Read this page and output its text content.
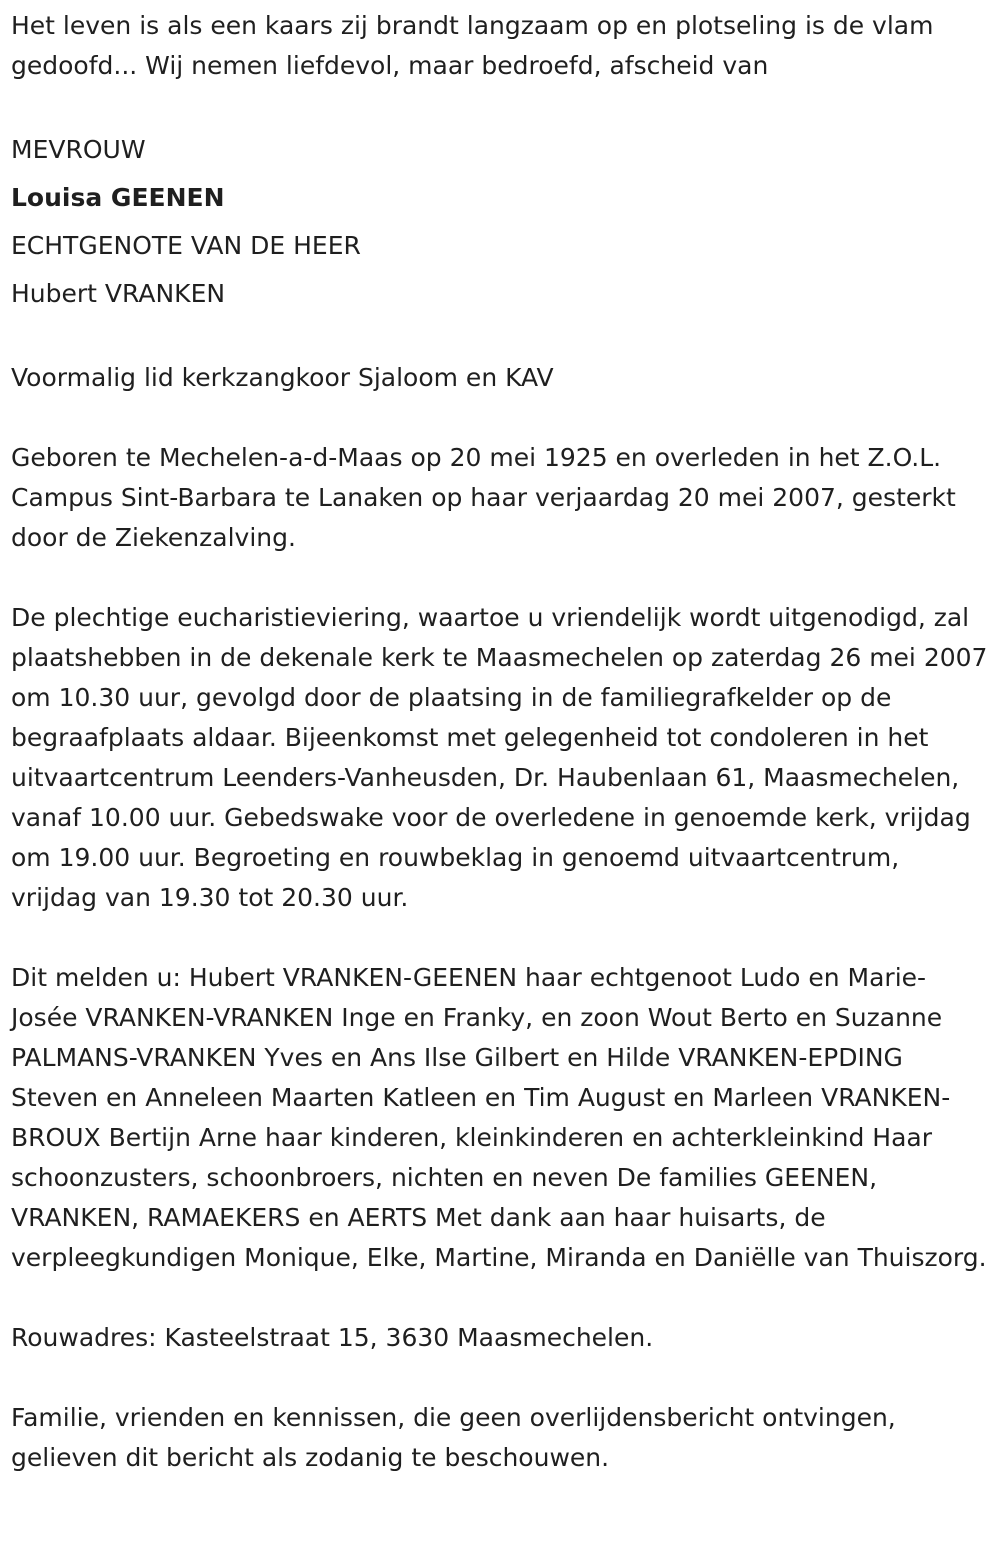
Het leven is als een kaars zij brandt langzaam op en plotseling is de vlam gedoofd... Wij nemen liefdevol, maar bedroefd, afscheid van

MEVROUW

Louisa GEENEN

ECHTGENOTE VAN DE HEER

Hubert VRANKEN

Voormalig lid kerkzangkoor Sjaloom en KAV

Geboren te Mechelen-a-d-Maas op 20 mei 1925 en overleden in het Z.O.L. Campus Sint-Barbara te Lanaken op haar verjaardag 20 mei 2007, gesterkt door de Ziekenzalving.

De plechtige eucharistieviering, waartoe u vriendelijk wordt uitgenodigd, zal plaatshebben in de dekenale kerk te Maasmechelen op zaterdag 26 mei 2007 om 10.30 uur, gevolgd door de plaatsing in de familiegrafkelder op de begraafplaats aldaar. Bijeenkomst met gelegenheid tot condoleren in het uitvaartcentrum Leenders-Vanheusden, Dr. Haubenlaan 61, Maasmechelen, vanaf 10.00 uur. Gebedswake voor de overledene in genoemde kerk, vrijdag om 19.00 uur. Begroeting en rouwbeklag in genoemd uitvaartcentrum, vrijdag van 19.30 tot 20.30 uur.

Dit melden u: Hubert VRANKEN-GEENEN haar echtgenoot Ludo en Marie-Josée VRANKEN-VRANKEN Inge en Franky, en zoon Wout Berto en Suzanne PALMANS-VRANKEN Yves en Ans Ilse Gilbert en Hilde VRANKEN-EPDING Steven en Anneleen Maarten Katleen en Tim August en Marleen VRANKEN-BROUX Bertijn Arne haar kinderen, kleinkinderen en achterkleinkind Haar schoonzusters, schoonbroers, nichten en neven De families GEENEN, VRANKEN, RAMAEKERS en AERTS Met dank aan haar huisarts, de verpleegkundigen Monique, Elke, Martine, Miranda en Daniëlle van Thuiszorg.

Rouwadres: Kasteelstraat 15, 3630 Maasmechelen.

Familie, vrienden en kennissen, die geen overlijdensbericht ontvingen, gelieven dit bericht als zodanig te beschouwen.
